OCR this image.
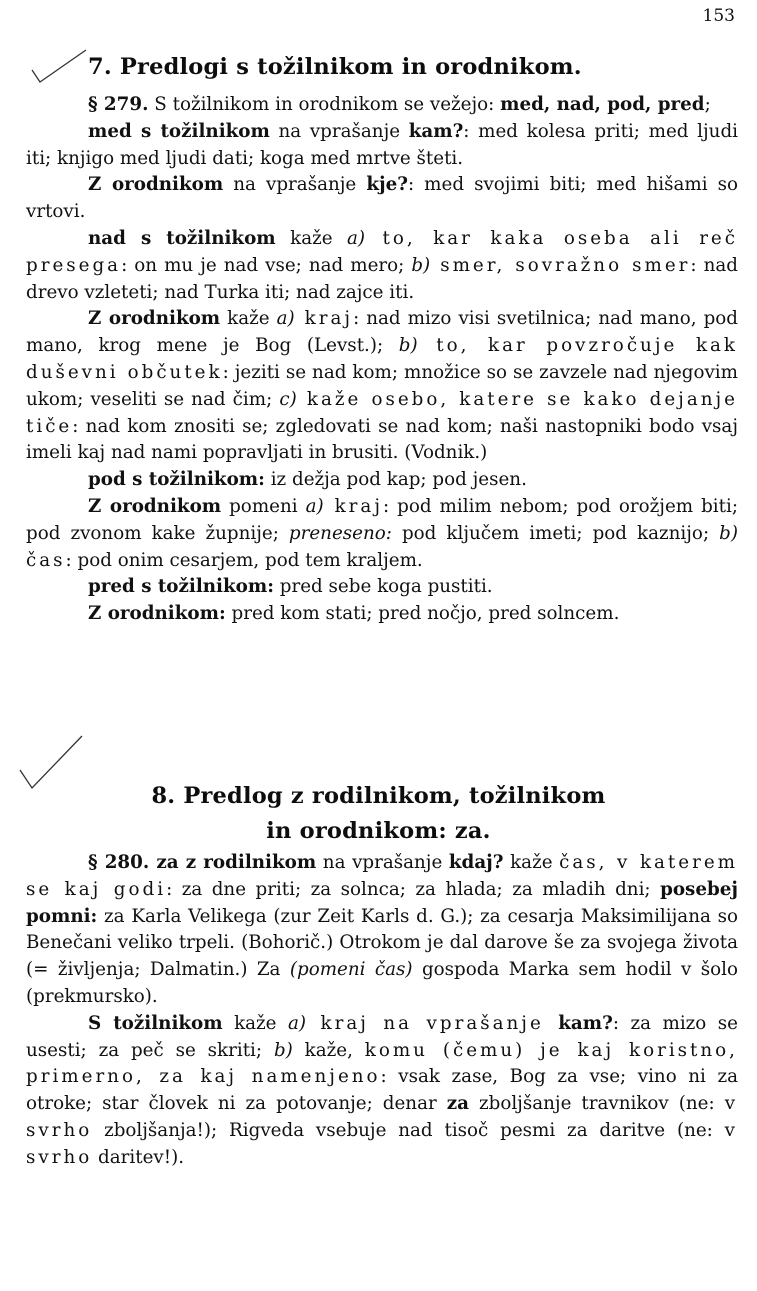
153
7. Predlogi s tožilnikom in orodnikom.

§ 279. S tožilnikom in orodnikom se vežejo: med, nad, pod, pred;

med s tožilnikom na vprašanje kam?: med kolesa priti; med ljudi iti; knjigo med ljudi dati; koga med mrtve šteti.

Z orodnikom na vprašanje kje?: med svojimi biti; med hišami so vrtovi.

nad s tožilnikom kaže a) to, kar kaka oseba ali reč presega: on mu je nad vse; nad mero; b) smer, sovražno smer: nad drevo vzleteti; nad Turka iti; nad zajce iti.

Z orodnikom kaže a) kraj: nad mizo visi svetilnica; nad mano, pod mano, krog mene je Bog (Levst.); b) to, kar povzročuje kak duševni občutek: jeziti se nad kom; množice so se zavzele nad njegovim ukom; veseliti se nad čim; c) kaže osebo, katere se kako dejanje tiče: nad kom znositi se; zgledovati se nad kom; naši nastopniki bodo vsaj imeli kaj nad nami popravljati in brusiti. (Vodnik.)

pod s tožilnikom: iz dežja pod kap; pod jesen.

Z orodnikom pomeni a) kraj: pod milim nebom; pod orožjem biti; pod zvonom kake župnije; preneseno: pod ključem imeti; pod kaznijo; b) čas: pod onim cesarjem, pod tem kraljem.

pred s tožilnikom: pred sebe koga pustiti.

Z orodnikom: pred kom stati; pred nočjo, pred solncem.

8. Predlog z rodilnikom, tožilnikom
in orodnikom: za.

§ 280. za z rodilnikom na vprašanje kdaj? kaže čas, v katerem se kaj godi: za dne priti; za solnca; za hlada; za mladih dni; posebej pomni: za Karla Velikega (zur Zeit Karls d. G.); za cesarja Maksimilijana so Benečani veliko trpeli. (Bohorič.) Otrokom je dal darove še za svojega života (= življenja; Dalmatin.) Za (pomeni čas) gospoda Marka sem hodil v šolo (prekmursko).

S tožilnikom kaže a) kraj na vprašanje kam?: za mizo se usesti; za peč se skriti; b) kaže, komu (čemu) je kaj koristno, primerno, za kaj namenjeno: vsak zase, Bog za vse; vino ni za otroke; star človek ni za potovanje; denar za zboljšanje travnikov (ne: v svrho zboljšanja!); Rigveda vsebuje nad tisoč pesmi za daritve (ne: v svrho daritev!).
